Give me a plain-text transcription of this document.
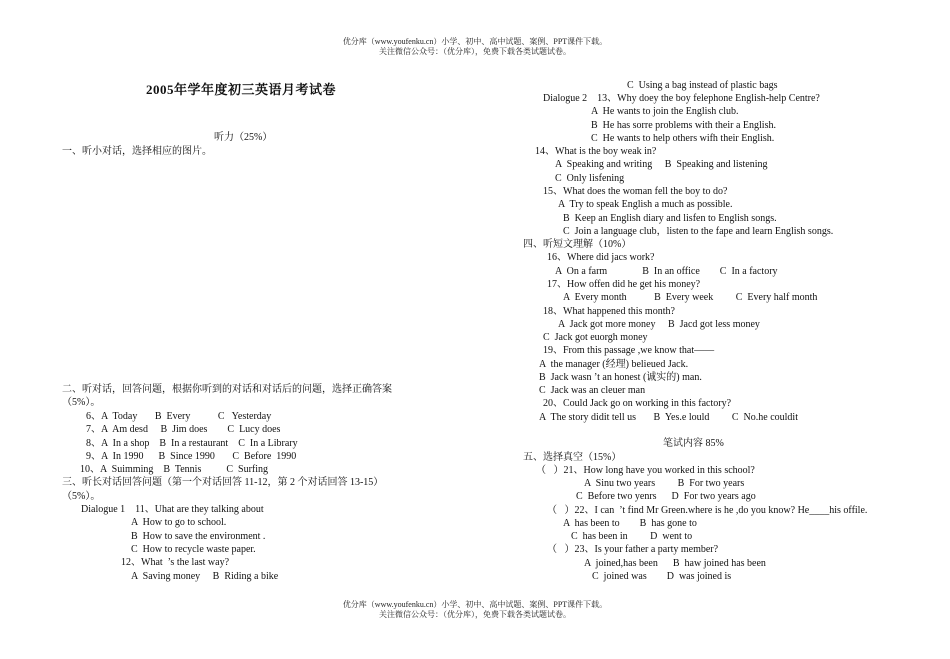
优分库（www.youfenku.cn）小学、初中、高中试题、案例、PPT课件下载。
关注微信公众号：（优分库），免费下载各类试题试卷。
2005年学年度初三英语月考试卷
听力（25%）
一、听小对话，选择相应的图片。
二、听对话，回答问题，根据你听到的对话和对话后的问题，选择正确答案
（5%）。
6、A  Today       B  Every           C   Yesterday
7、A  Am desd     B  Jim does        C  Lucy does
8、A  In a shop    B  In a restaurant    C  In a Library
9、A  In 1990      B  Since 1990       C  Before  1990
10、A  Suimming    B  Tennis          C  Surfing
三、听长对话回答问题（第一个对话回答 11-12，第 2 个对话回答 13-15）
（5%）。
Dialogue 1    11、Uhat are they talking about
A  How to go to school.
B  How to save the environment .
C  How to recycle waste paper.
12、What  ’s the last way?
A  Saving money     B  Riding a bike
C  Using a bag instead of plastic bags
Dialogue 2    13、Why doey the boy felephone English-help Centre?
A  He wants to join the English club.
B  He has sorre problems with their a English.
C  He wants to help others wifh their English.
14、What is the boy weak in?
A  Speaking and writing     B  Speaking and listening
C  Only lisfening
15、What does the woman fell the boy to do?
A  Try to speak English a much as possible.
B  Keep an English diary and lisfen to English songs.
C  Join a language club，listen to the fape and learn English songs.
四、听短文理解（10%）
16、Where did jacs work?
A  On a farm              B  In an office        C  In a factory
17、How offen did he get his money?
A  Every month           B  Every week         C  Every half month
18、What happened this month?
A  Jack got more money     B  Jacd got less money
C  Jack got euorgh money
19、From this passage ,we know that——
A  the manager (经理) belieued Jack.
B  Jack wasn ’t an honest (诚实的) man.
C  Jack was an cleuer man
20、Could Jack go on working in this factory?
A  The story didit tell us       B  Yes.e lould         C  No.he couldit
笔试内容 85%
五、选择真空（15%）
（   ）21、How long have you worked in this school?
A  Sinu two years         B  For two years
C  Before two yenrs      D  For two years ago
（   ）22、I can  ’t find Mr Green.where is he ,do you know? He____his offile.
A  has been to        B  has gone to
C  has been in         D  went to
（   ）23、Is your father a party member?
A  joined,has been      B  haw joined has been
C  joined was        D  was joined is
优分库（www.youfenku.cn）小学、初中、高中试题、案例、PPT课件下载。
关注微信公众号：（优分库），免费下载各类试题试卷。
